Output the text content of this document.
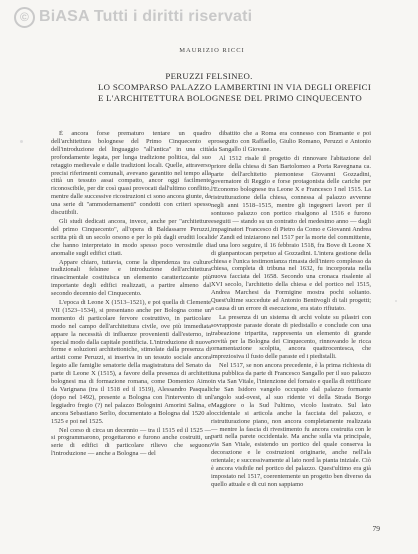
© BiASA Tutti i diritti riservati
MAURIZIO RICCI
PERUZZI FELSINEO.
LO SCOMPARSO PALAZZO LAMBERTINI IN VIA DEGLI OREFICI
E L'ARCHITETTURA BOLOGNESE DEL PRIMO CINQUECENTO

È ancora forse prematuro tentare un quadro dell'architettura bolognese del Primo Cinquecento e dell'introduzione del linguaggio "all'antica" in una città profondamente legata, per lunga tradizione politica, dal suo retaggio medievale e dalle tradizioni locali. Quelle, attraverso precisi riferimenti comunali, avevano garantito nel tempo alla città un tessuto assai compatto, ancor oggi facilmente riconoscibile, per dir così quasi provocati dall'ultimo conflitto, mentre dalle successive ricostruzioni ci sono ancora giunte, da una serie di "ammodernamenti" condotti con criteri spesso discutibili.

Gli studi dedicati ancora, invece, anche per "architetture del primo Cinquecento", all'opera di Baldassarre Peruzzi, scritta più di un secolo orsono e per lo più dagli eruditi locali che hanno interpretato in modo spesso poco verosimile di anomalie sugli edifici citati.

Appare chiaro, tuttavia, come la dipendenza tra culture tradizionali felsinee e introduzione dell'architettura rinascimentale costituisca un elemento caratterizzante più importante degli edifici realizzati, a partire almeno dal secondo decennio del Cinquecento.

L'epoca di Leone X (1513–1521), e poi quella di Clemente VII (1523–1534), si presentano anche per Bologna come un momento di particolare fervore costruttivo, in particolare modo nel campo dell'architettura civile, ove più immediata appare la necessità di influenze provenienti dall'esterno, in special modo dalla capitale pontificia. L'introduzione di nuove forme e soluzioni architettoniche, stimolate dalla presenza di artisti come Peruzzi, si inseriva in un tessuto sociale ancora legato alle famiglie senatorie della magistratura del Senato da parte di Leone X (1515), a favore della presenza di architetti bolognesi ma di formazione romana, come Domenico Aimo da Varignana (tra il 1518 ed il 1519), Alessandro Pasquali (dopo nel 1492), presente a Bologna con l'intervento di un leggiadro fregio (?) nel palazzo Bolognini Amorini Salina, e ancora Sebastiano Serlio, documentato a Bologna dal 1520 al 1525 e poi nel 1525.

Nel corso di circa un decennio — tra il 1515 ed il 1525 — si programmarono, progettarono e furono anche costruiti, un serie di edifici di particolare rilievo che seguono l'introduzione — anche a Bologna — del

dibattito che a Roma era connesso con Bramante e poi proseguito con Raffaello, Giulio Romano, Peruzzi e Antonio da Sangallo il Giovane.

Al 1512 risale il progetto di rinnovare l'abitazione del priore della chiesa di San Bartolomeo a Porta Ravegnana ca. parte dell'architetto piemontese Giovanni Gozzadini, governatore di Reggio e forse protagonista delle cariche per l'Economo bolognese tra Leone X e Francesco I nel 1515. La ristrutturazione della chiesa, connessa al palazzo avvenne negli anni 1518–1515, mentre gli ingegneri lavori per il sontuoso palazzo con portico risalgono al 1516 e furono eseguiti — stando su un contratto del medesimo anno — dagli impaginatori Francesco di Pietro da Como e Giovanni Andrea de' Zandi ed iniziarono nel 1517 per la morte del committente, ad una loro seguire, il 16 febbraio 1518, fra Bove di Leone X di gianpantocan perpetuo al Gozzadini. L'intera gestione della chiesa e l'unica testimonianza rimasta dell'intero complesso da chiesa, completa di tribuna nel 1632, fu incorporata nella nuova facciata del 1658. Secondo una cronaca risalente al XVI secolo, l'architetto della chiesa e del portico nel 1515, Andrea Marchesi da Formigine mostra pochi soltanto. Quest'ultime succedute ad Antonio Bentivogli di tali progetti; a causa di un errore di esecuzione, era stato rifiutato.

La presenza di un sistema di archi volute su pilastri con sovrapposte paraste dorate di piedistallo e conclude con una trabeazione tripartita, rappresenta un elemento di grande novità per la Bologna dei Cinquecento, rinnovando le ricca ornamentazione scolpita, ancora quattrocentesca, che impreziosiva il fusto delle paraste ed i piedistalli.

Nel 1517, se non ancora precedente, è la prima richiesta di una pubblica da parte di Francesco Sangallo per il suo palazzo in via San Vitale, l'intenzione del fornaio e quella di rettificare che San Isidoro vangelo occupato dal palazzo formante l'angolo sud-ovest, al suo ridente vi della Strada Borgo Maggiore o la Sud l'ultimo, vicolo lustrato. Sul lato occidentale si articola anche la facciata del palazzo, e ristrutturazione piano, non ancora completamente realizzata — mentre la fascia di rivestimento fu ancora costruita con le parti nella parete occidentale. Ma anche sulla via principale, via San Vitale, esistendo un portico del quale conserva la decorazione e le costruzioni originarie, anche nell'ala orientale; e successivamente al lato nord la pianta iniziale. Ciò è ancora visibile nel portico del palazzo. Quest'ultimo era già impostato nel 1517, coerentemente un progetto ben diverso da quello attuale e di cui non sappiamo

79
